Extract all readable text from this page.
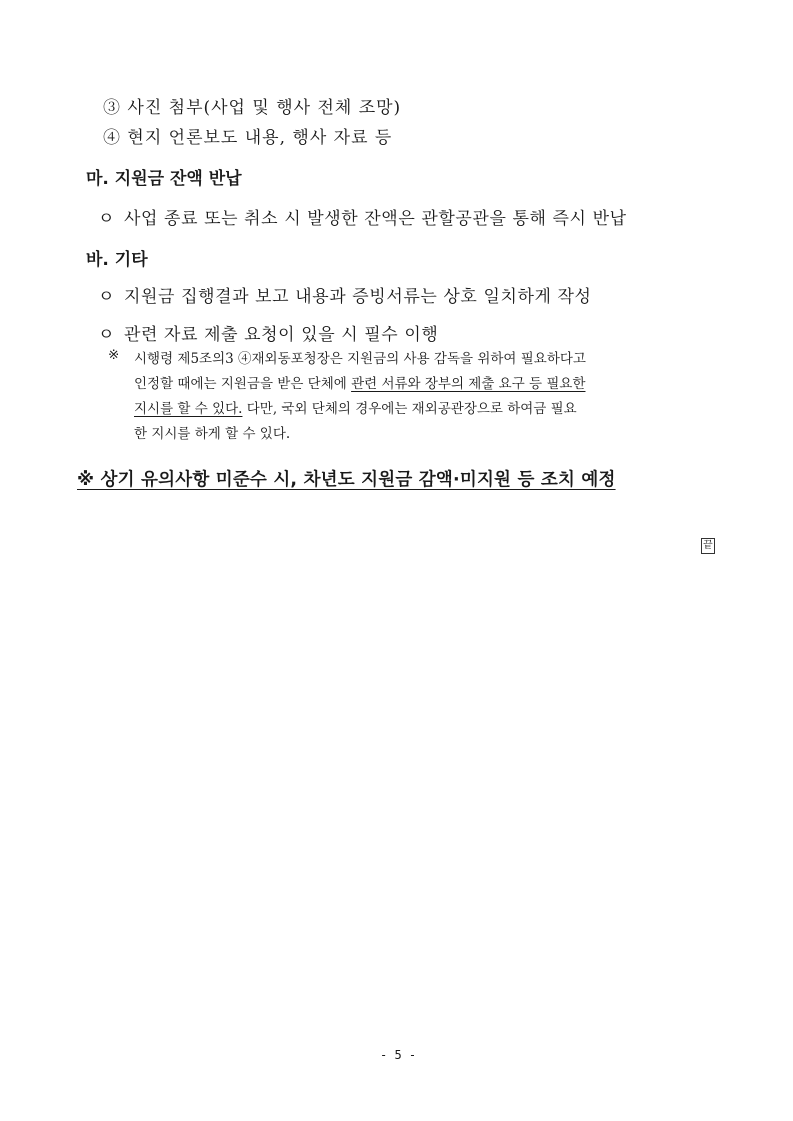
③ 사진 첨부(사업 및 행사 전체 조망)
④ 현지 언론보도 내용, 행사 자료 등
마. 지원금 잔액 반납
ㅇ 사업 종료 또는 취소 시 발생한 잔액은 관할공관을 통해 즉시 반납
바. 기타
ㅇ 지원금 집행결과 보고 내용과 증빙서류는 상호 일치하게 작성
ㅇ 관련 자료 제출 요청이 있을 시 필수 이행
※ 시행령 제5조의3 ④재외동포청장은 지원금의 사용 감독을 위하여 필요하다고
인정할 때에는 지원금을 받은 단체에 관련 서류와 장부의 제출 요구 등 필요한
지시를 할 수 있다. 다만, 국외 단체의 경우에는 재외공관장으로 하여금 필요
한 지시를 하게 할 수 있다.
※ 상기 유의사항 미준수 시, 차년도 지원금 감액·미지원 등 조치 예정
끝
- 5 -
